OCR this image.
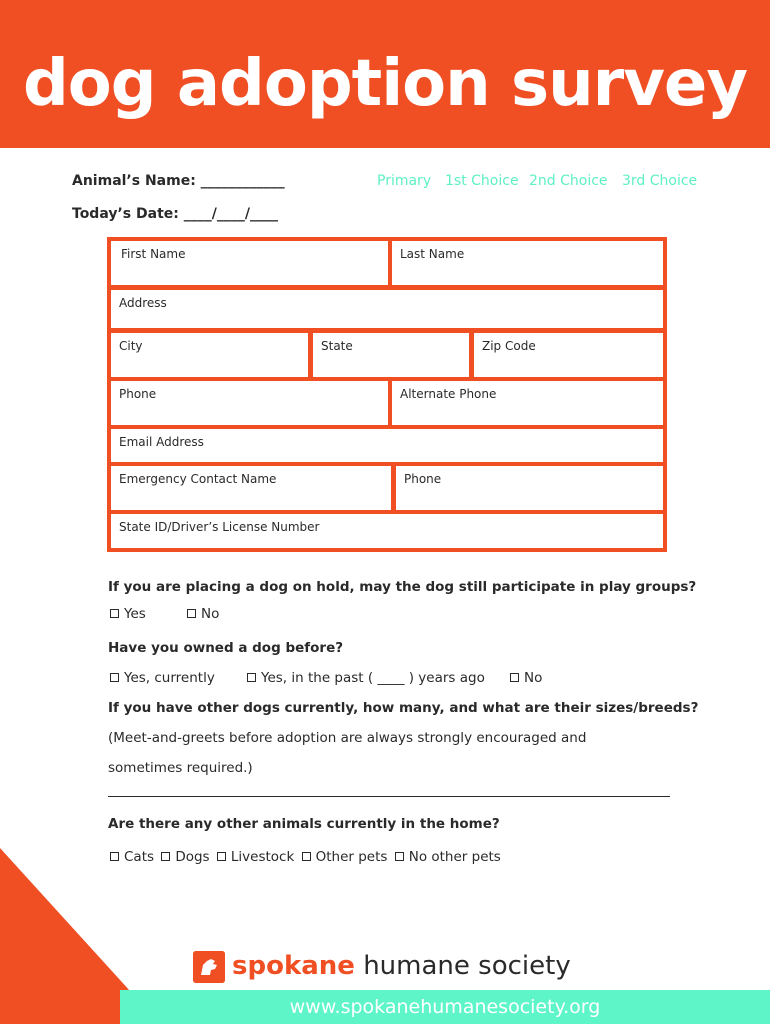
dog adoption survey
Animal’s Name: ____________
Today’s Date: ____/____/____
Primary 1st Choice 2nd Choice 3rd Choice
First Name	Last Name
Address
City	State	Zip Code
Phone	Alternate Phone
Email Address
Emergency Contact Name	Phone
State ID/Driver’s License Number
If you are placing a dog on hold, may the dog still participate in play groups?
Yes	No
Have you owned a dog before?
Yes, currently	Yes, in the past ( ____ ) years ago	No
If you have other dogs currently, how many, and what are their sizes/breeds?
(Meet-and-greets before adoption are always strongly encouraged and
sometimes required.)
Are there any other animals currently in the home?
Cats Dogs Livestock Other pets No other pets
www.spokanehumanesociety.org
spokane humane society
